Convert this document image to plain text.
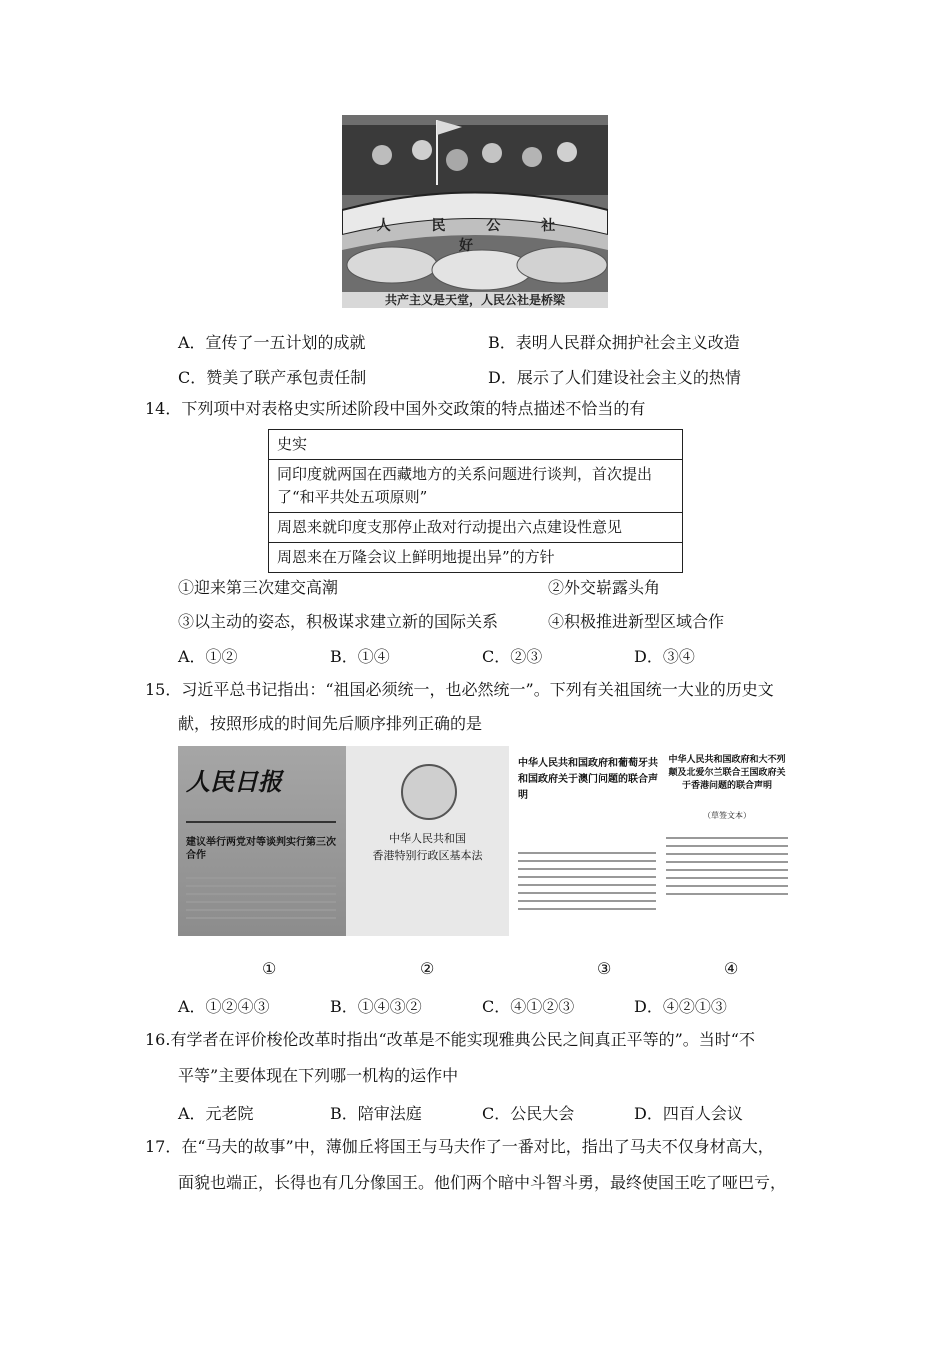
人 民 公 社 好
共产主义是天堂，人民公社是桥梁
A．宣传了一五计划的成就	B．表明人民群众拥护社会主义改造
C．赞美了联产承包责任制	D．展示了人们建设社会主义的热情
14．下列项中对表格史实所述阶段中国外交政策的特点描述不恰当的有
史实
同印度就两国在西藏地方的关系问题进行谈判，首次提出了“和平共处五项原则”
周恩来就印度支那停止敌对行动提出六点建设性意见
周恩来在万隆会议上鲜明地提出异”的方针
①迎来第三次建交高潮	②外交崭露头角
③以主动的姿态，积极谋求建立新的国际关系	④积极推进新型区域合作
A．①②	B．①④	C．②③	D．③④
15．习近平总书记指出：“祖国必须统一，也必然统一”。下列有关祖国统一大业的历史文
献，按照形成的时间先后顺序排列正确的是
人民日报
建议举行两党对等谈判实行第三次合作
中华人民共和国
香港特别行政区基本法
中华人民共和国政府和葡萄牙共和国政府关于澳门问题的联合声明
中华人民共和国政府和大不列颠及北爱尔兰联合王国政府关于香港问题的联合声明
（草签文本）
①	②	③	④
A．①②④③	B．①④③②	C．④①②③	D．④②①③
16.有学者在评价梭伦改革时指出“改革是不能实现雅典公民之间真正平等的”。当时“不
平等”主要体现在下列哪一机构的运作中
A．元老院	B．陪审法庭	C．公民大会	D．四百人会议
17．在“马夫的故事”中，薄伽丘将国王与马夫作了一番对比，指出了马夫不仅身材高大，
面貌也端正，长得也有几分像国王。他们两个暗中斗智斗勇，最终使国王吃了哑巴亏，
